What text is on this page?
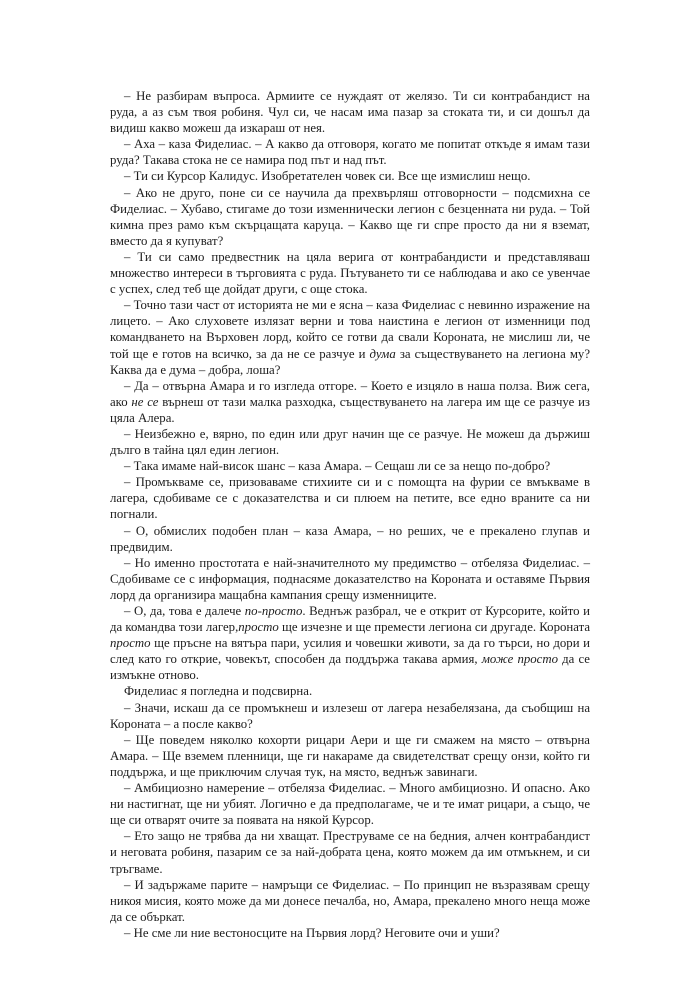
– Не разбирам въпроса. Армиите се нуждаят от желязо. Ти си контрабандист на руда, а аз съм твоя робиня. Чул си, че насам има пазар за стоката ти, и си дошъл да видиш какво можеш да изкараш от нея.

– Аха – каза Фиделиас. – А какво да отговоря, когато ме попитат откъде я имам тази руда? Такава стока не се намира под път и над път.

– Ти си Курсор Калидус. Изобретателен човек си. Все ще измислиш нещо.

– Ако не друго, поне си се научила да прехвърляш отговорности – подсмихна се Фиделиас. – Хубаво, стигаме до този изменнически легион с безценната ни руда. – Той кимна през рамо към скърцащата каруца. – Какво ще ги спре просто да ни я вземат, вместо да я купуват?

– Ти си само предвестник на цяла верига от контрабандисти и представляваш множество интереси в търговията с руда. Пътуването ти се наблюдава и ако се увенчае с успех, след теб ще дойдат други, с още стока.

– Точно тази част от историята не ми е ясна – каза Фиделиас с невинно изражение на лицето. – Ако слуховете излязат верни и това наистина е легион от изменници под командването на Върховен лорд, който се готви да свали Короната, не мислиш ли, че той ще е готов на всичко, за да не се разчуе и дума за съществуването на легиона му? Каква да е дума – добра, лоша?

– Да – отвърна Амара и го изгледа отгоре. – Което е изцяло в наша полза. Виж сега, ако не се върнеш от тази малка разходка, съществуването на лагера им ще се разчуе из цяла Алера.

– Неизбежно е, вярно, по един или друг начин ще се разчуе. Не можеш да държиш дълго в тайна цял един легион.

– Така имаме най-висок шанс – каза Амара. – Сещаш ли се за нещо по-добро?

– Промъкваме се, призоваваме стихиите си и с помощта на фурии се вмъкваме в лагера, сдобиваме се с доказателства и си плюем на петите, все едно враните са ни погнали.

– О, обмислих подобен план – каза Амара, – но реших, че е прекалено глупав и предвидим.

– Но именно простотата е най-значителното му предимство – отбеляза Фиделиас. – Сдобиваме се с информация, поднасяме доказателство на Короната и оставяме Първия лорд да организира мащабна кампания срещу изменниците.

– О, да, това е далече по-просто. Веднъж разбрал, че е открит от Курсорите, който и да командва този лагер,просто ще изчезне и ще премести легиона си другаде. Короната просто ще пръсне на вятъра пари, усилия и човешки животи, за да го търси, но дори и след като го открие, човекът, способен да поддържа такава армия, може просто да се измъкне отново.

Фиделиас я погледна и подсвирна.

– Значи, искаш да се промъкнеш и излезеш от лагера незабелязана, да съобщиш на Короната – а после какво?

– Ще поведем няколко кохорти рицари Аери и ще ги смажем на място – отвърна Амара. – Ще вземем пленници, ще ги накараме да свидетелстват срещу онзи, който ги поддържа, и ще приключим случая тук, на място, веднъж завинаги.

– Амбициозно намерение – отбеляза Фиделиас. – Много амбициозно. И опасно. Ако ни настигнат, ще ни убият. Логично е да предполагаме, че и те имат рицари, а също, че ще си отварят очите за появата на някой Курсор.

– Ето защо не трябва да ни хващат. Преструваме се на бедния, алчен контрабандист и неговата робиня, пазарим се за най-добрата цена, която можем да им отмъкнем, и си тръгваме.

– И задържаме парите – намръщи се Фиделиас. – По принцип не възразявам срещу никоя мисия, която може да ми донесе печалба, но, Амара, прекалено много неща може да се объркат.

– Не сме ли ние вестоносците на Първия лорд? Неговите очи и уши?
